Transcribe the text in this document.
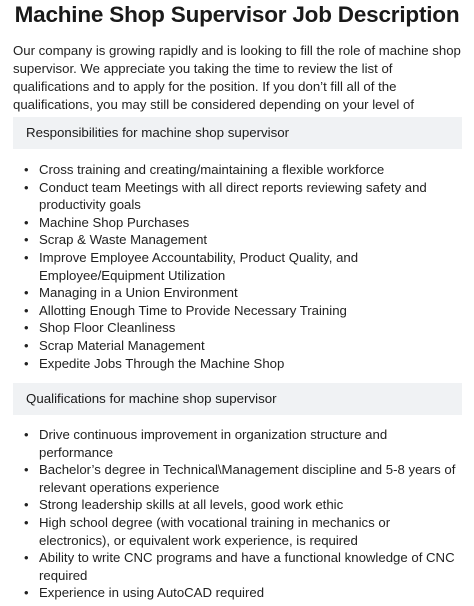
Machine Shop Supervisor Job Description
Our company is growing rapidly and is looking to fill the role of machine shop supervisor. We appreciate you taking the time to review the list of qualifications and to apply for the position. If you don’t fill all of the qualifications, you may still be considered depending on your level of
Responsibilities for machine shop supervisor
• Cross training and creating/maintaining a flexible workforce
• Conduct team Meetings with all direct reports reviewing safety and productivity goals
• Machine Shop Purchases
• Scrap & Waste Management
• Improve Employee Accountability, Product Quality, and Employee/Equipment Utilization
• Managing in a Union Environment
• Allotting Enough Time to Provide Necessary Training
• Shop Floor Cleanliness
• Scrap Material Management
• Expedite Jobs Through the Machine Shop
Qualifications for machine shop supervisor
• Drive continuous improvement in organization structure and performance
• Bachelor’s degree in Technical\Management discipline and 5-8 years of relevant operations experience
• Strong leadership skills at all levels, good work ethic
• High school degree (with vocational training in mechanics or electronics), or equivalent work experience, is required
• Ability to write CNC programs and have a functional knowledge of CNC required
• Experience in using AutoCAD required
